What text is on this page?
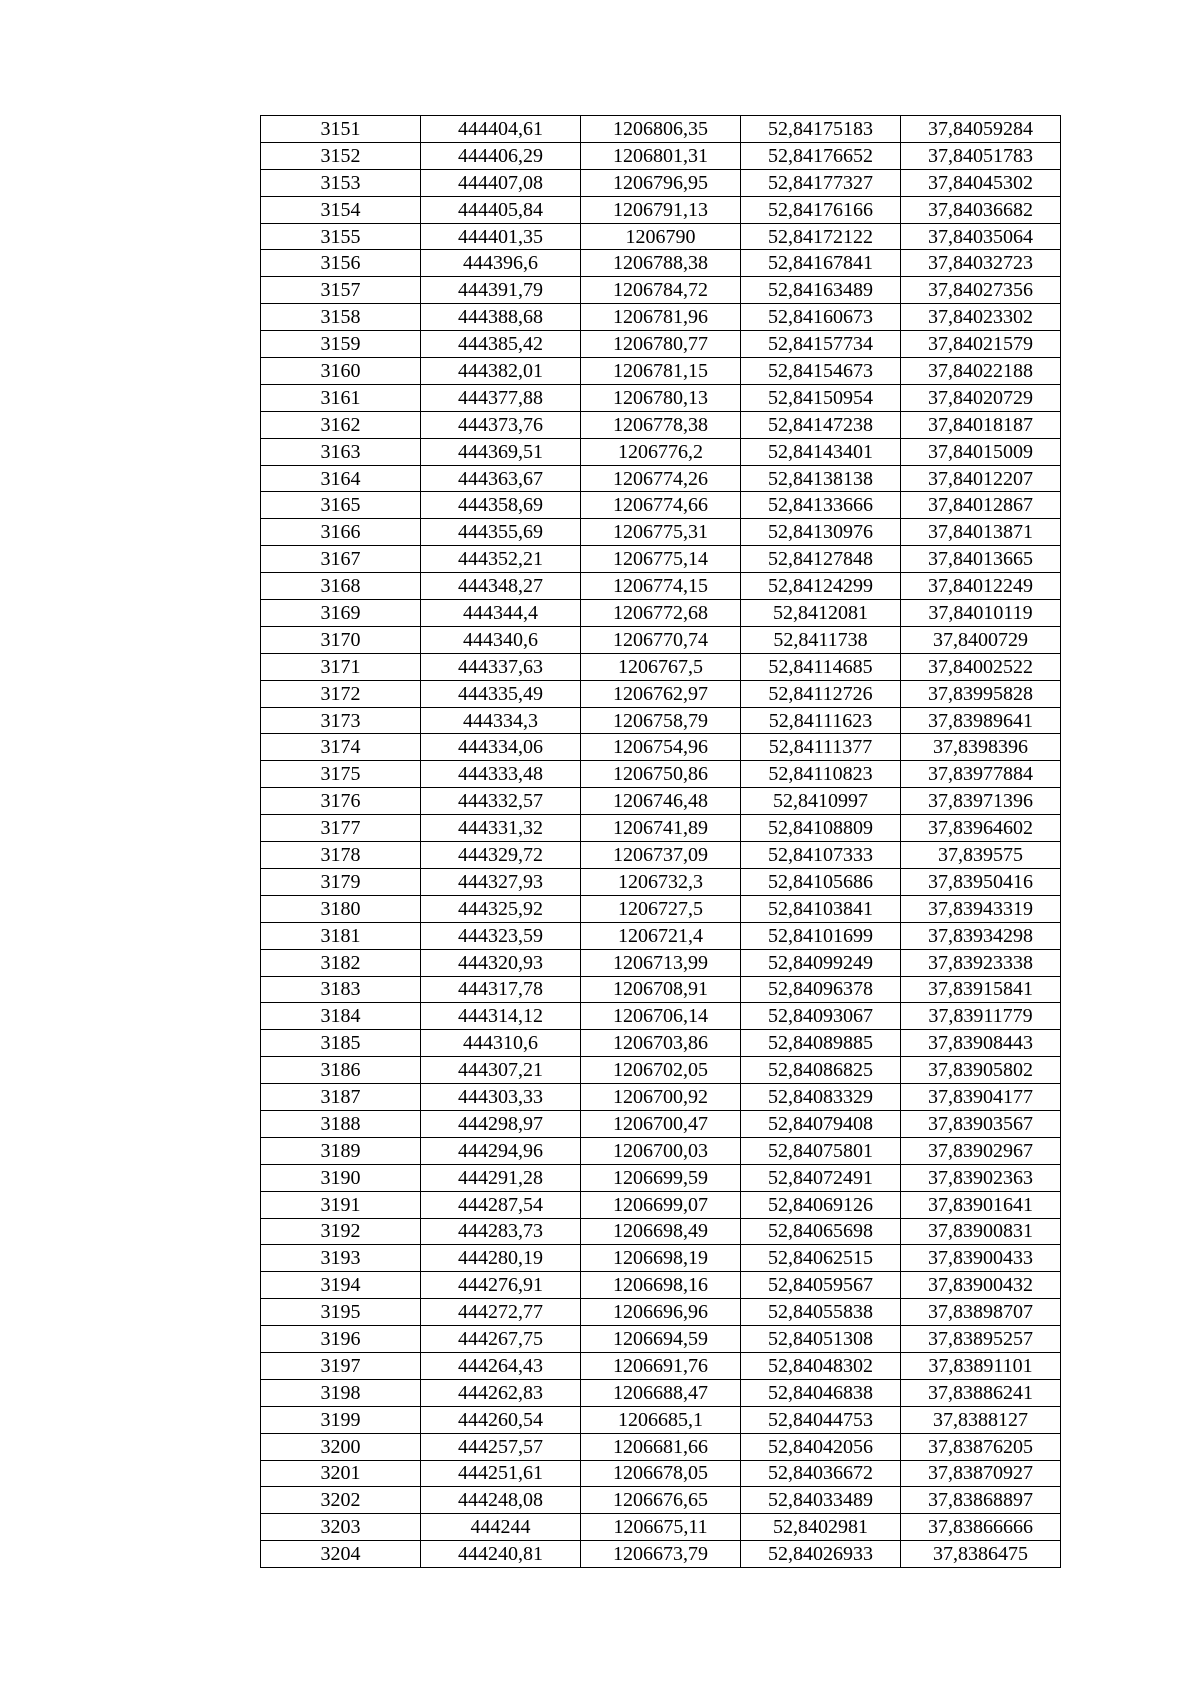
3151	444404,61	1206806,35	52,84175183	37,84059284
3152	444406,29	1206801,31	52,84176652	37,84051783
3153	444407,08	1206796,95	52,84177327	37,84045302
3154	444405,84	1206791,13	52,84176166	37,84036682
3155	444401,35	1206790	52,84172122	37,84035064
3156	444396,6	1206788,38	52,84167841	37,84032723
3157	444391,79	1206784,72	52,84163489	37,84027356
3158	444388,68	1206781,96	52,84160673	37,84023302
3159	444385,42	1206780,77	52,84157734	37,84021579
3160	444382,01	1206781,15	52,84154673	37,84022188
3161	444377,88	1206780,13	52,84150954	37,84020729
3162	444373,76	1206778,38	52,84147238	37,84018187
3163	444369,51	1206776,2	52,84143401	37,84015009
3164	444363,67	1206774,26	52,84138138	37,84012207
3165	444358,69	1206774,66	52,84133666	37,84012867
3166	444355,69	1206775,31	52,84130976	37,84013871
3167	444352,21	1206775,14	52,84127848	37,84013665
3168	444348,27	1206774,15	52,84124299	37,84012249
3169	444344,4	1206772,68	52,8412081	37,84010119
3170	444340,6	1206770,74	52,8411738	37,8400729
3171	444337,63	1206767,5	52,84114685	37,84002522
3172	444335,49	1206762,97	52,84112726	37,83995828
3173	444334,3	1206758,79	52,84111623	37,83989641
3174	444334,06	1206754,96	52,84111377	37,8398396
3175	444333,48	1206750,86	52,84110823	37,83977884
3176	444332,57	1206746,48	52,8410997	37,83971396
3177	444331,32	1206741,89	52,84108809	37,83964602
3178	444329,72	1206737,09	52,84107333	37,839575
3179	444327,93	1206732,3	52,84105686	37,83950416
3180	444325,92	1206727,5	52,84103841	37,83943319
3181	444323,59	1206721,4	52,84101699	37,83934298
3182	444320,93	1206713,99	52,84099249	37,83923338
3183	444317,78	1206708,91	52,84096378	37,83915841
3184	444314,12	1206706,14	52,84093067	37,83911779
3185	444310,6	1206703,86	52,84089885	37,83908443
3186	444307,21	1206702,05	52,84086825	37,83905802
3187	444303,33	1206700,92	52,84083329	37,83904177
3188	444298,97	1206700,47	52,84079408	37,83903567
3189	444294,96	1206700,03	52,84075801	37,83902967
3190	444291,28	1206699,59	52,84072491	37,83902363
3191	444287,54	1206699,07	52,84069126	37,83901641
3192	444283,73	1206698,49	52,84065698	37,83900831
3193	444280,19	1206698,19	52,84062515	37,83900433
3194	444276,91	1206698,16	52,84059567	37,83900432
3195	444272,77	1206696,96	52,84055838	37,83898707
3196	444267,75	1206694,59	52,84051308	37,83895257
3197	444264,43	1206691,76	52,84048302	37,83891101
3198	444262,83	1206688,47	52,84046838	37,83886241
3199	444260,54	1206685,1	52,84044753	37,8388127
3200	444257,57	1206681,66	52,84042056	37,83876205
3201	444251,61	1206678,05	52,84036672	37,83870927
3202	444248,08	1206676,65	52,84033489	37,83868897
3203	444244	1206675,11	52,8402981	37,83866666
3204	444240,81	1206673,79	52,84026933	37,8386475
